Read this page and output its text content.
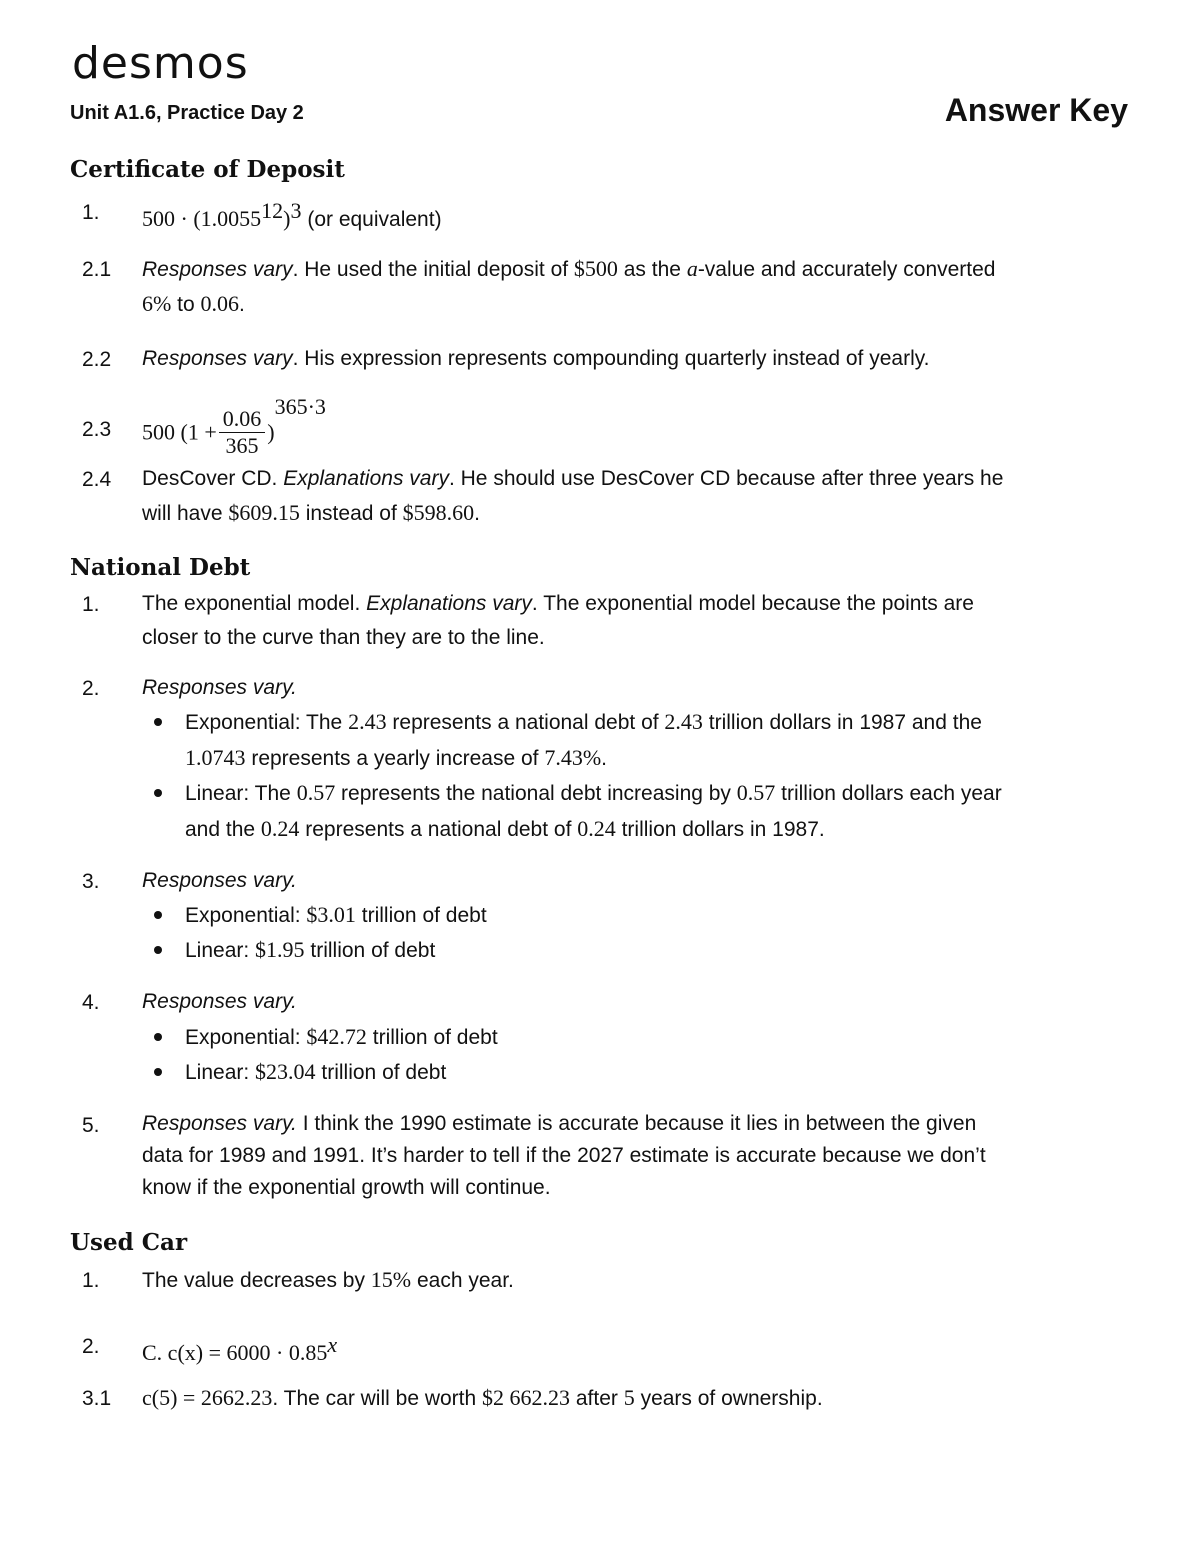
desmos
Unit A1.6, Practice Day 2	Answer Key
Certificate of Deposit
1.	$500 \cdot (1.0055^{12})^3$ (or equivalent)
2.1	Responses vary. He used the initial deposit of $500 as the a-value and accurately converted
6% to 0.06.
2.2	Responses vary. His expression represents compounding quarterly instead of yearly.
2.3	500 $(1 + \frac{0.06}{365} )^{365\cdot 3}$
2.4	DesCover CD. Explanations vary. He should use DesCover CD because after three years he
will have $609.15 instead of $598.60.
National Debt
1.	The exponential model. Explanations vary. The exponential model because the points are
closer to the curve than they are to the line.
2.	Responses vary.
Exponential: The 2.43 represents a national debt of 2.43 trillion dollars in 1987 and the
1.0743 represents a yearly increase of 7.43%.
Linear: The 0.57 represents the national debt increasing by 0.57 trillion dollars each year
and the 0.24 represents a national debt of 0.24 trillion dollars in 1987.
3.	Responses vary.
Exponential: $3.01 trillion of debt
Linear: $1.95 trillion of debt
4.	Responses vary.
Exponential: $42.72 trillion of debt
Linear: $23.04 trillion of debt
5.	Responses vary. I think the 1990 estimate is accurate because it lies in between the given
data for 1989 and 1991. It’s harder to tell if the 2027 estimate is accurate because we don’t
know if the exponential growth will continue.
Used Car
1.	The value decreases by 15% each year.
2.	C. $c(x) = 6000 \cdot 0.85^x$
3.1	c(5) = 2662.23. The car will be worth $2 662.23 after 5 years of ownership.
